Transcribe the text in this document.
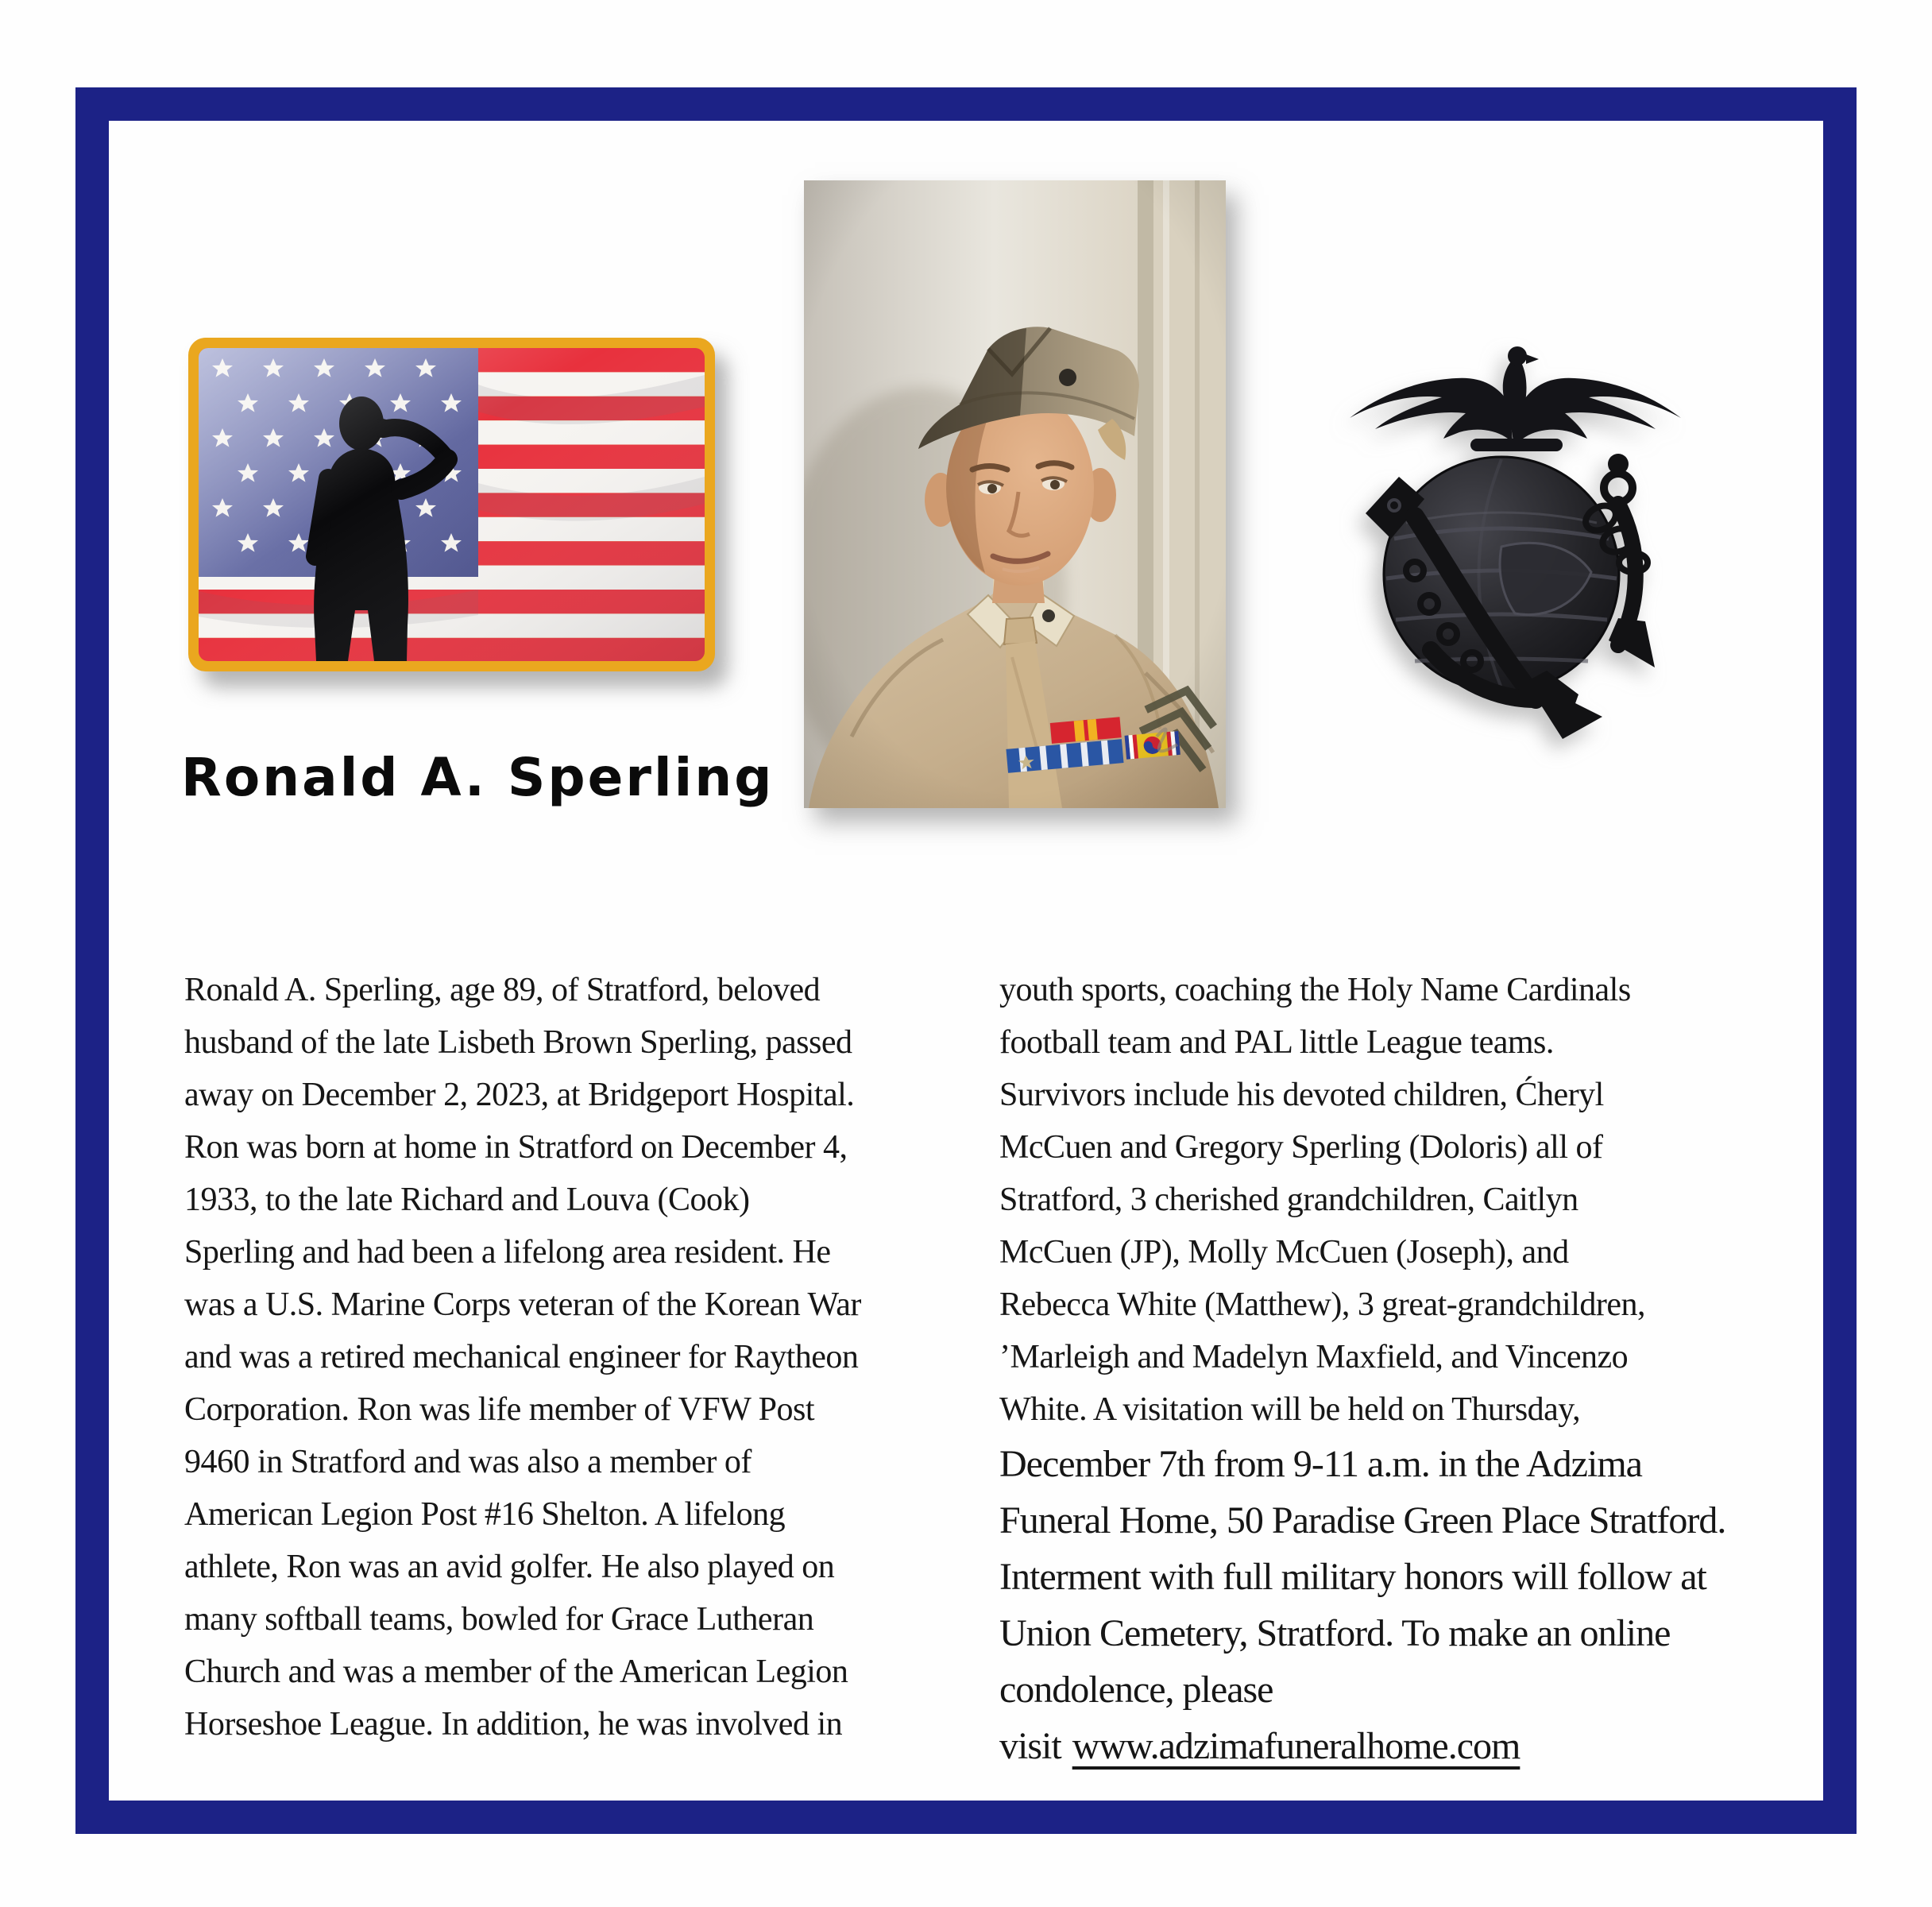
Ronald A. Sperling
Ronald A. Sperling, age 89, of Stratford, beloved
husband of the late Lisbeth Brown Sperling, passed
away on December 2, 2023, at Bridgeport Hospital.
Ron was born at home in Stratford on December 4,
1933, to the late Richard and Louva (Cook)
Sperling and had been a lifelong area resident. He
was a U.S. Marine Corps veteran of the Korean War
and was a retired mechanical engineer for Raytheon
Corporation. Ron was life member of VFW Post
9460 in Stratford and was also a member of
American Legion Post #16 Shelton. A lifelong
athlete, Ron was an avid golfer. He also played on
many softball teams, bowled for Grace Lutheran
Church and was a member of the American Legion
Horseshoe League. In addition, he was involved in
youth sports, coaching the Holy Name Cardinals
football team and PAL little League teams.
Survivors include his devoted children, Ćheryl
McCuen and Gregory Sperling (Doloris) all of
Stratford, 3 cherished grandchildren, Caitlyn
McCuen (JP), Molly McCuen (Joseph), and
Rebecca White (Matthew), 3 great-grandchildren,
’Marleigh and Madelyn Maxfield, and Vincenzo
White. A visitation will be held on Thursday,
December 7th from 9-11 a.m. in the Adzima
Funeral Home, 50 Paradise Green Place Stratford.
Interment with full military honors will follow at
Union Cemetery, Stratford. To make an online
condolence, please
visit www.adzimafuneralhome.com
